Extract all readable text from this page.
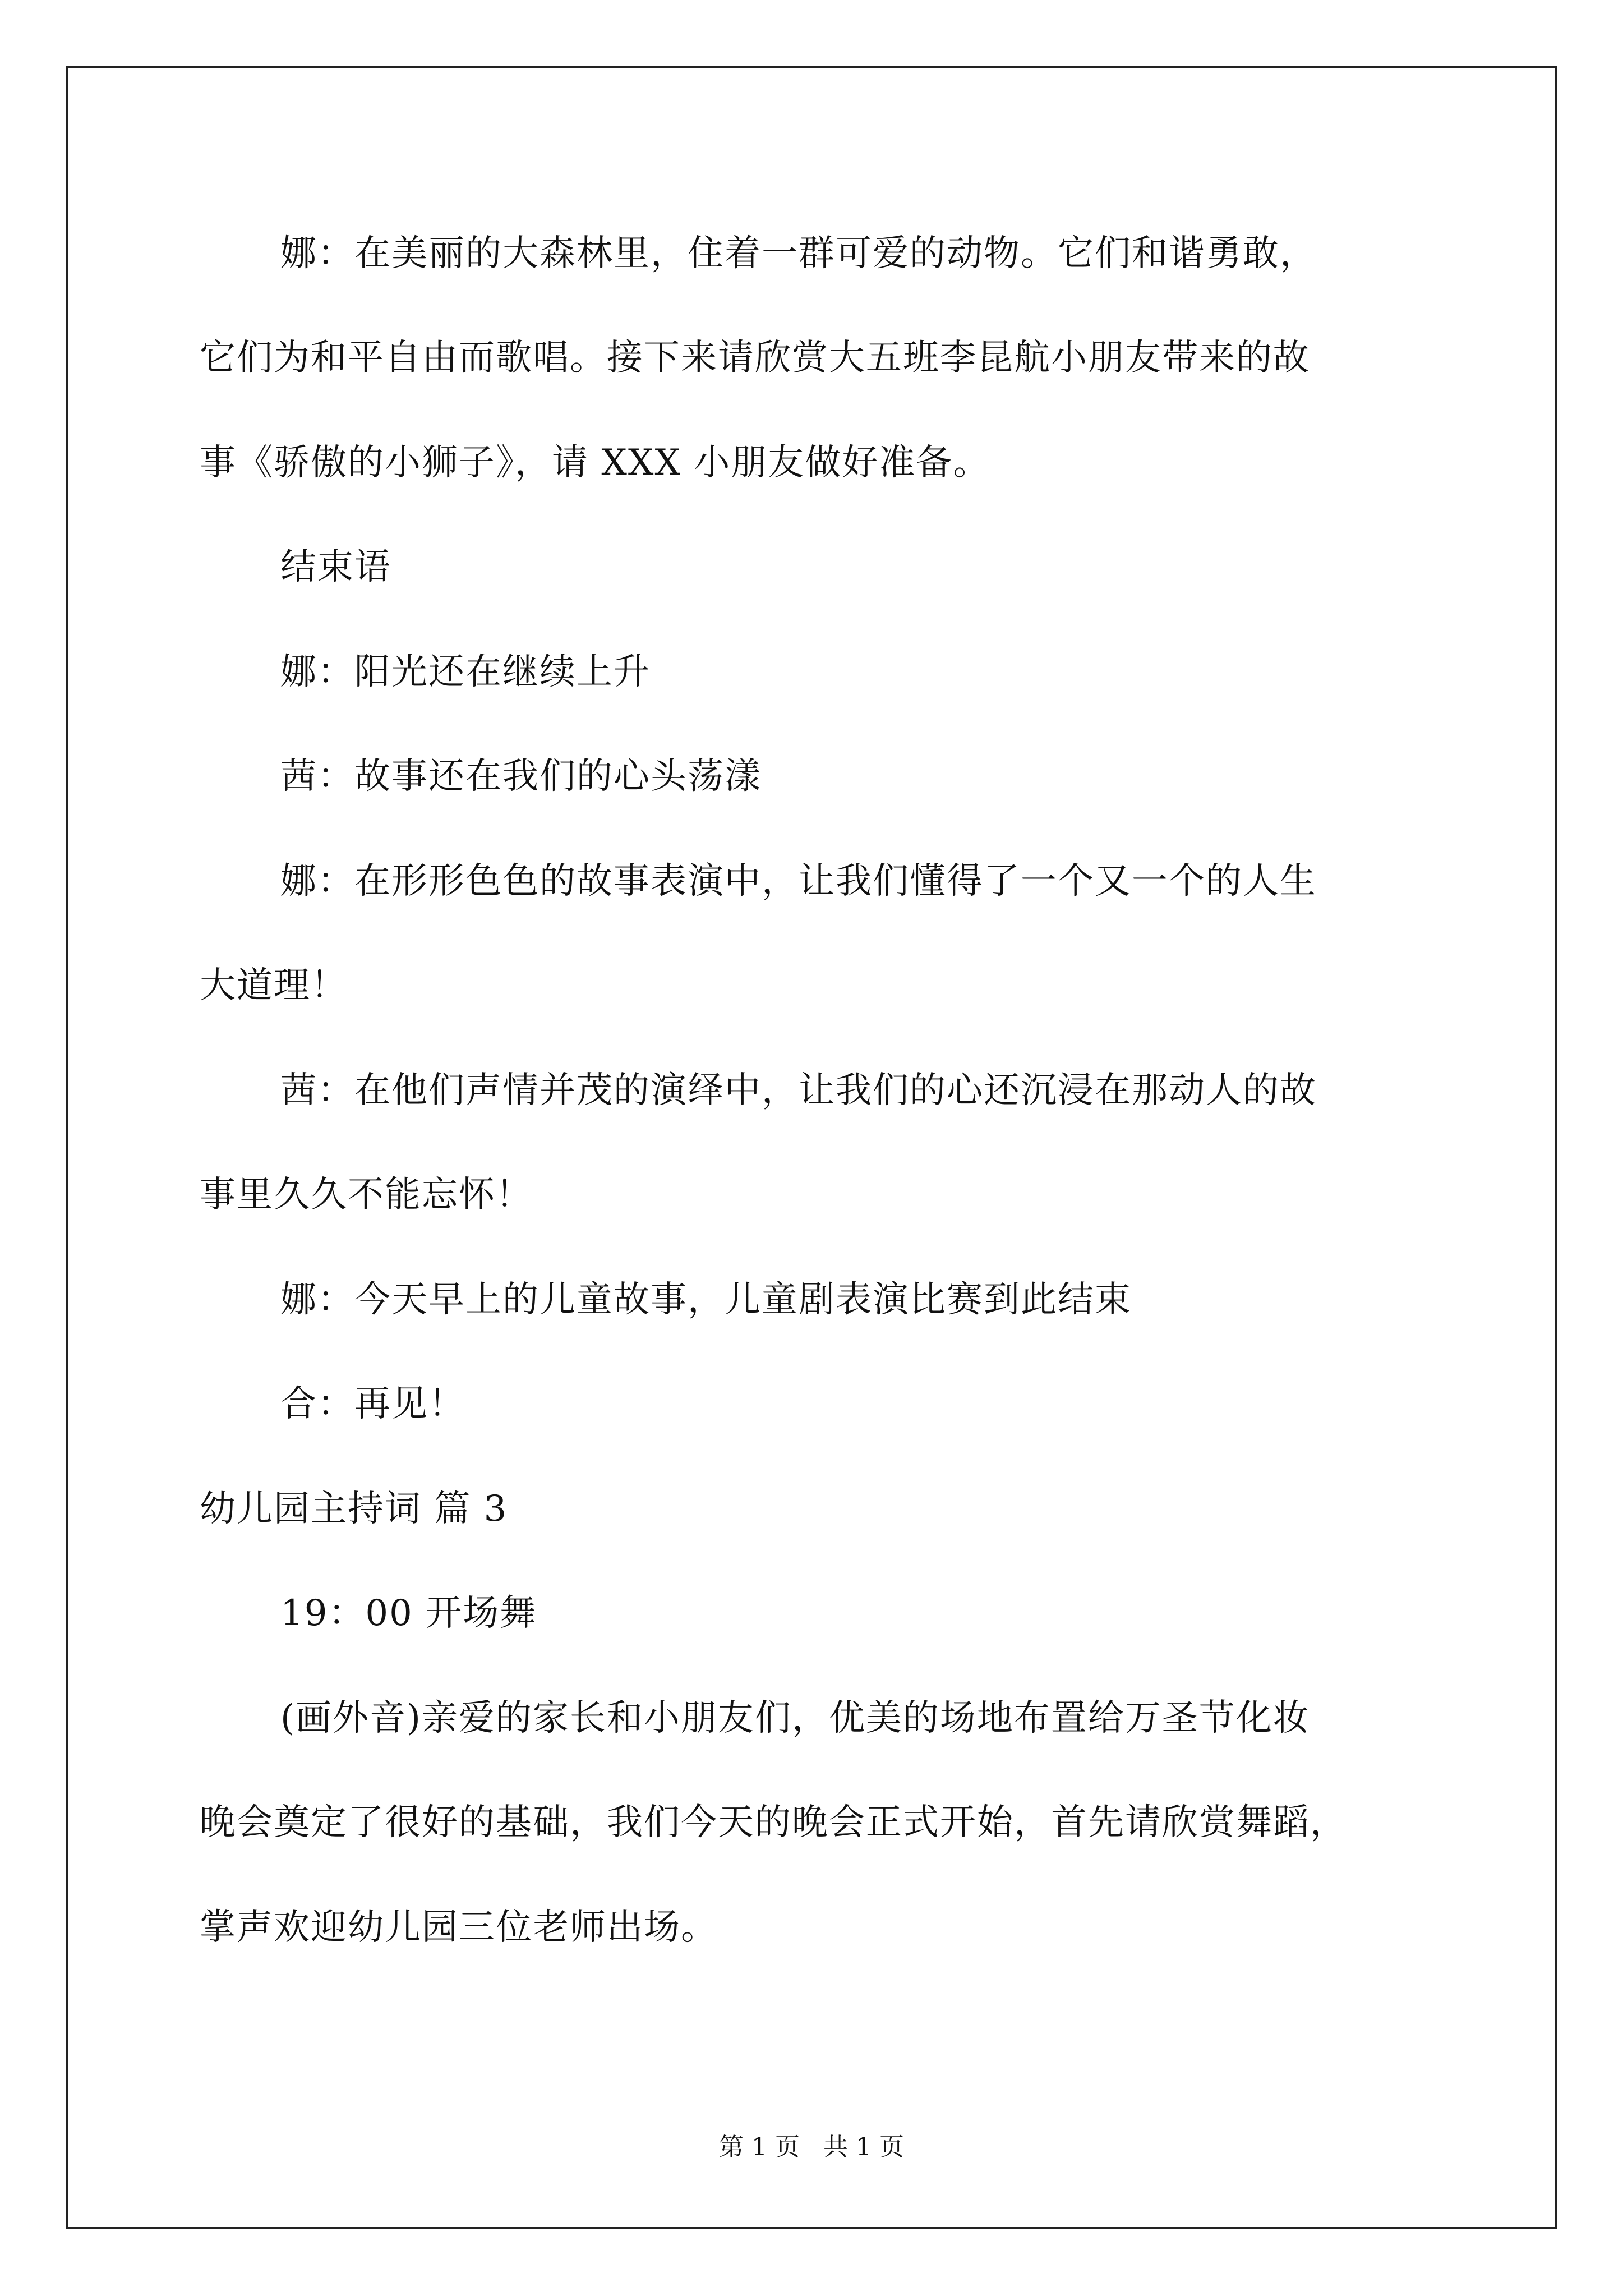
娜：在美丽的大森林里，住着一群可爱的动物。它们和谐勇敢，
它们为和平自由而歌唱。接下来请欣赏大五班李昆航小朋友带来的故
事《骄傲的小狮子》，请 XXX 小朋友做好准备。
结束语
娜：阳光还在继续上升
茜：故事还在我们的心头荡漾
娜：在形形色色的故事表演中，让我们懂得了一个又一个的人生
大道理！
茜：在他们声情并茂的演绎中，让我们的心还沉浸在那动人的故
事里久久不能忘怀！
娜：今天早上的儿童故事，儿童剧表演比赛到此结束
合：再见！
幼儿园主持词 篇 3
19：00 开场舞
(画外音)亲爱的家长和小朋友们，优美的场地布置给万圣节化妆
晚会奠定了很好的基础，我们今天的晚会正式开始，首先请欣赏舞蹈，
掌声欢迎幼儿园三位老师出场。
第 1 页 共 1 页
